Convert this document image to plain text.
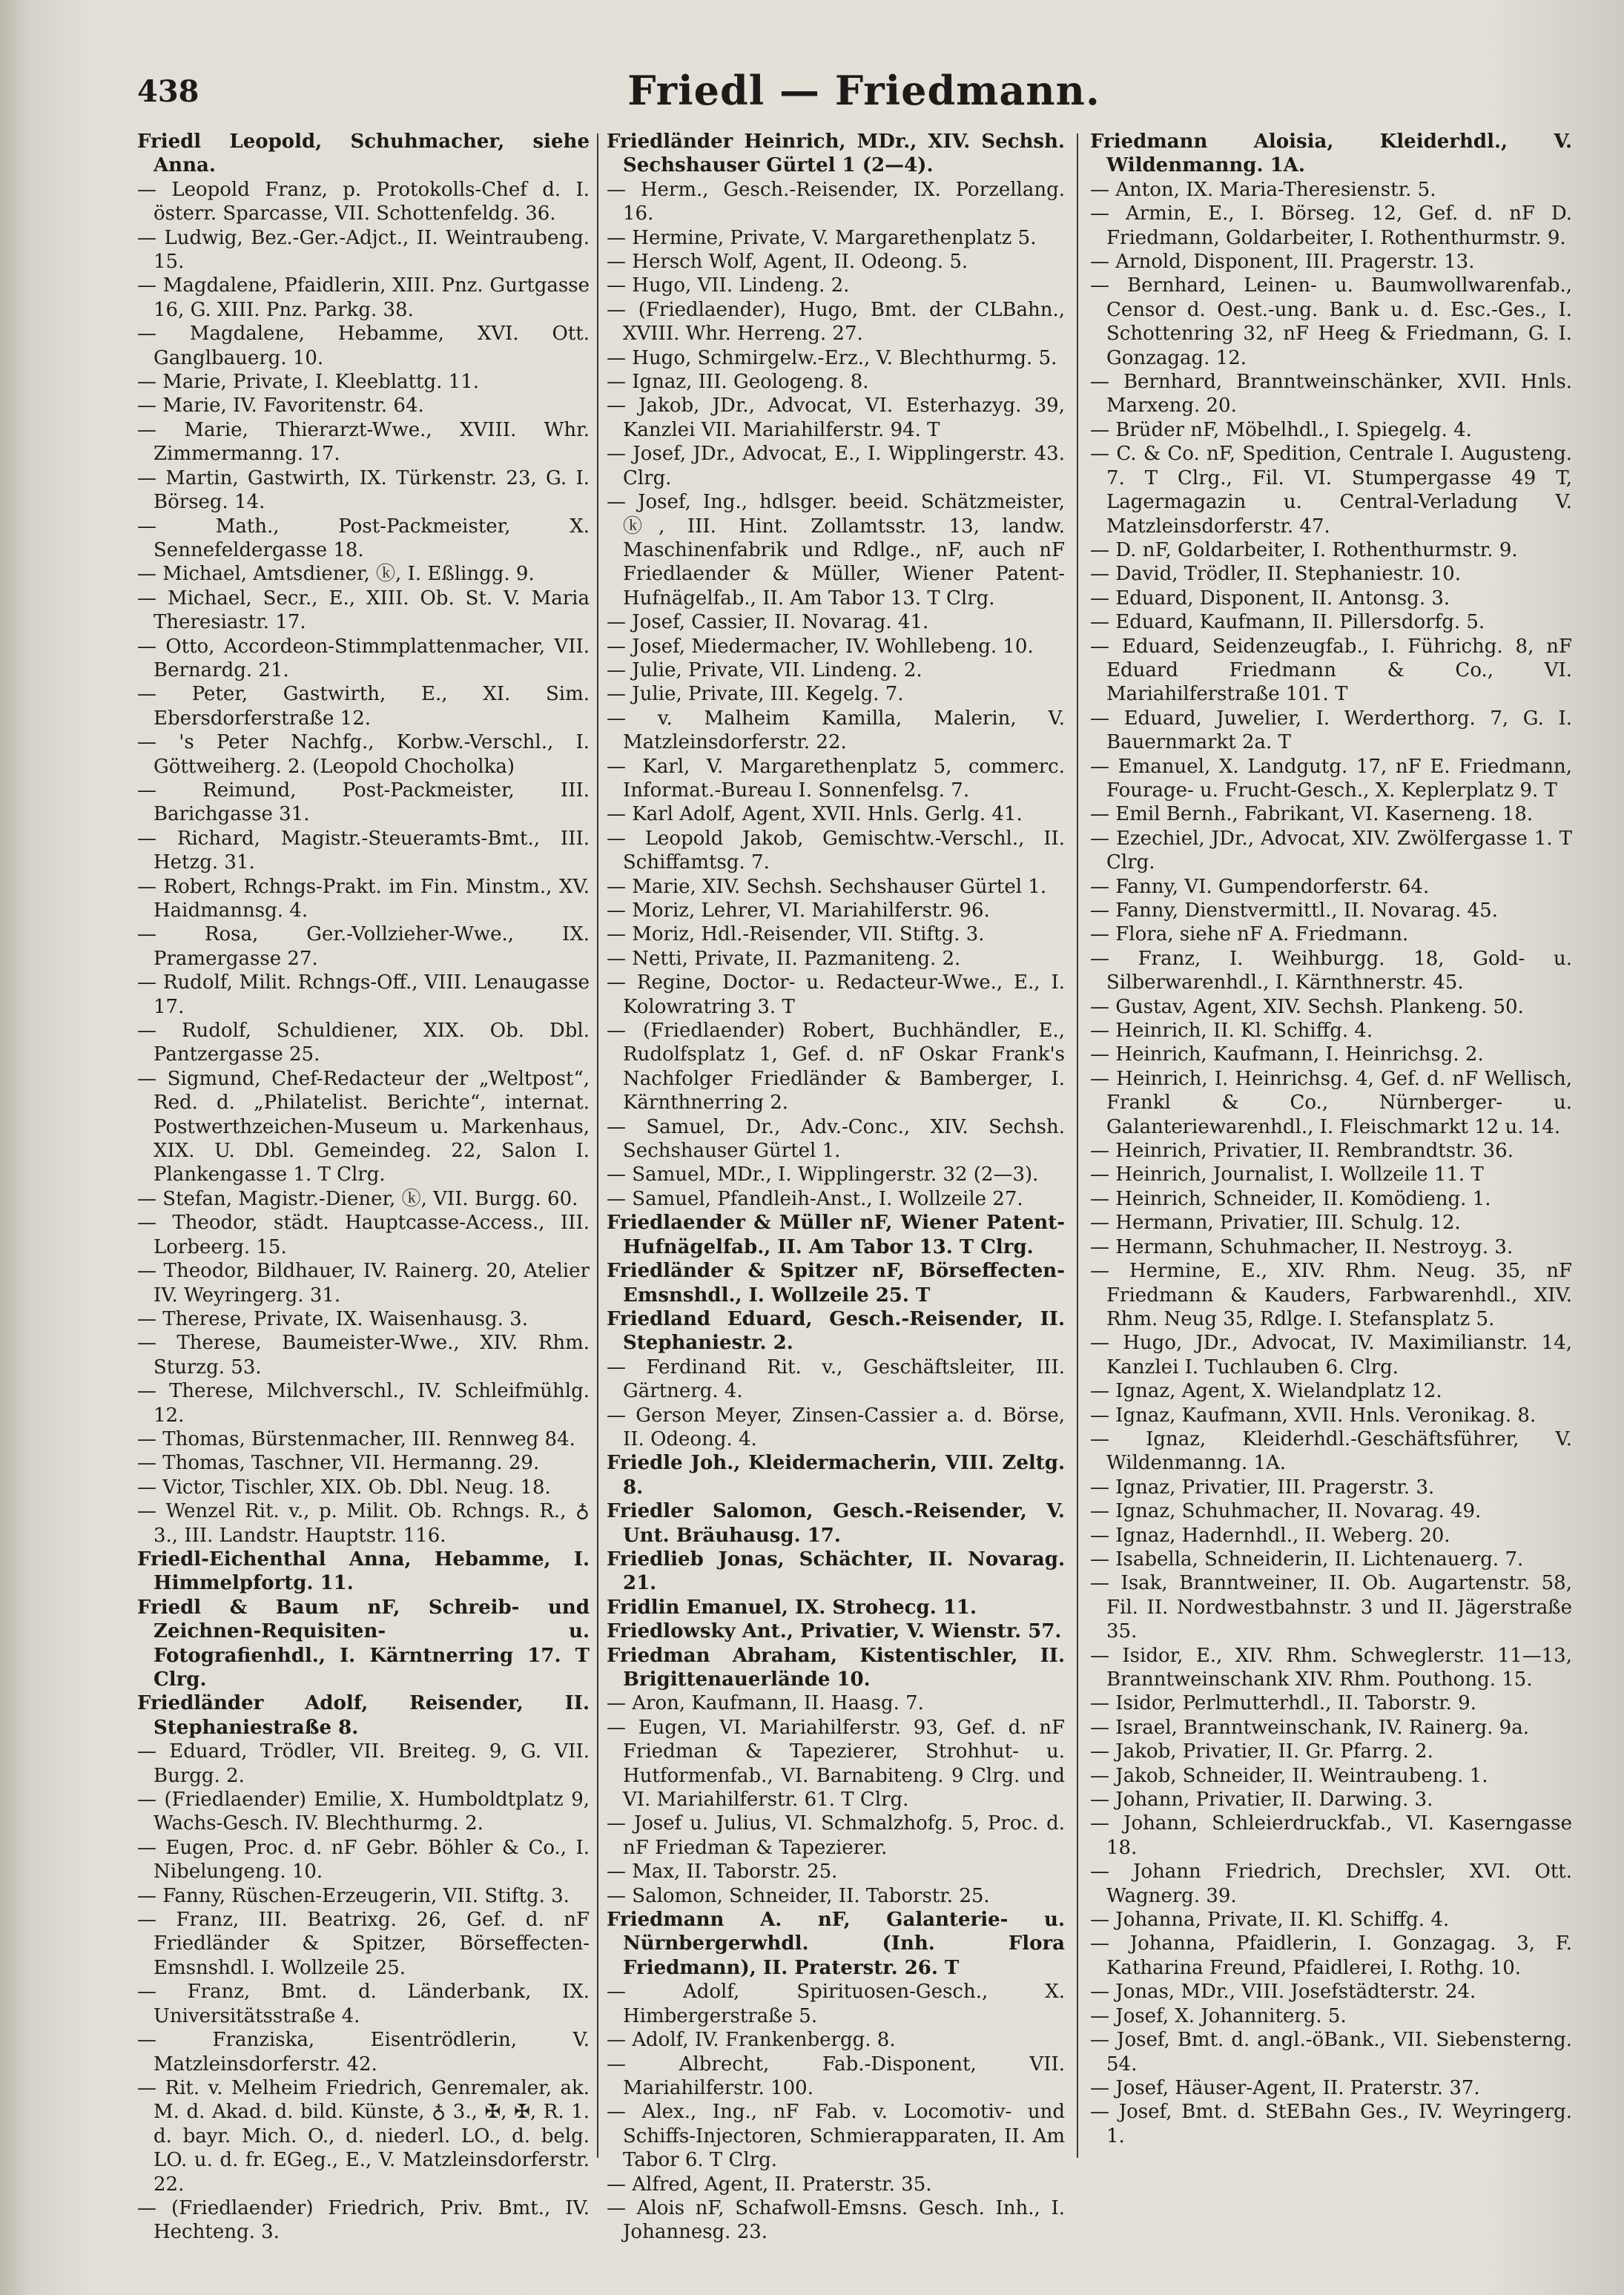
438	Friedl — Friedmann.

Friedl Leopold, Schuhmacher, siehe Anna.

— Leopold Franz, p. Protokolls-Chef d. I. österr. Sparcasse, VII. Schottenfeldg. 36.

— Ludwig, Bez.-Ger.-Adjct., II. Weintraubeng. 15.

— Magdalene, Pfaidlerin, XIII. Pnz. Gurtgasse 16, G. XIII. Pnz. Parkg. 38.

— Magdalene, Hebamme, XVI. Ott. Ganglbauerg. 10.

— Marie, Private, I. Kleeblattg. 11.

— Marie, IV. Favoritenstr. 64.

— Marie, Thierarzt-Wwe., XVIII. Whr. Zimmermanng. 17.

— Martin, Gastwirth, IX. Türkenstr. 23, G. I. Börseg. 14.

— Math., Post-Packmeister, X. Sennefeldergasse 18.

— Michael, Amtsdiener, ⓚ, I. Eßlingg. 9.

— Michael, Secr., E., XIII. Ob. St. V. Maria Theresiastr. 17.

— Otto, Accordeon-Stimmplattenmacher, VII. Bernardg. 21.

— Peter, Gastwirth, E., XI. Sim. Ebersdorferstraße 12.

— 's Peter Nachfg., Korbw.-Verschl., I. Göttweiherg. 2. (Leopold Chocholka)

— Reimund, Post-Packmeister, III. Barichgasse 31.

— Richard, Magistr.-Steueramts-Bmt., III. Hetzg. 31.

— Robert, Rchngs-Prakt. im Fin. Minstm., XV. Haidmannsg. 4.

— Rosa, Ger.-Vollzieher-Wwe., IX. Pramergasse 27.

— Rudolf, Milit. Rchngs-Off., VIII. Lenaugasse 17.

— Rudolf, Schuldiener, XIX. Ob. Dbl. Pantzergasse 25.

— Sigmund, Chef-Redacteur der „Weltpost“, Red. d. „Philatelist. Berichte“, internat. Postwerthzeichen-Museum u. Markenhaus, XIX. U. Dbl. Gemeindeg. 22, Salon I. Plankengasse 1. T Clrg.

— Stefan, Magistr.-Diener, ⓚ, VII. Burgg. 60.

— Theodor, städt. Hauptcasse-Access., III. Lorbeerg. 15.

— Theodor, Bildhauer, IV. Rainerg. 20, Atelier IV. Weyringerg. 31.

— Therese, Private, IX. Waisenhausg. 3.

— Therese, Baumeister-Wwe., XIV. Rhm. Sturzg. 53.

— Therese, Milchverschl., IV. Schleifmühlg. 12.

— Thomas, Bürstenmacher, III. Rennweg 84.

— Thomas, Taschner, VII. Hermanng. 29.

— Victor, Tischler, XIX. Ob. Dbl. Neug. 18.

— Wenzel Rit. v., p. Milit. Ob. Rchngs. R., ♁ 3., III. Landstr. Hauptstr. 116.

Friedl-Eichenthal Anna, Hebamme, I. Himmelpfortg. 11.

Friedl & Baum nF, Schreib- und Zeichnen-Requisiten- u. Fotografienhdl., I. Kärntnerring 17. T Clrg.

Friedländer Adolf, Reisender, II. Stephaniestraße 8.

— Eduard, Trödler, VII. Breiteg. 9, G. VII. Burgg. 2.

— (Friedlaender) Emilie, X. Humboldtplatz 9, Wachs-Gesch. IV. Blechthurmg. 2.

— Eugen, Proc. d. nF Gebr. Böhler & Co., I. Nibelungeng. 10.

— Fanny, Rüschen-Erzeugerin, VII. Stiftg. 3.

— Franz, III. Beatrixg. 26, Gef. d. nF Friedländer & Spitzer, Börseffecten-Emsnshdl. I. Wollzeile 25.

— Franz, Bmt. d. Länderbank, IX. Universitätsstraße 4.

— Franziska, Eisentrödlerin, V. Matzleinsdorferstr. 42.

— Rit. v. Melheim Friedrich, Genremaler, ak. M. d. Akad. d. bild. Künste, ♁ 3., ✠, ✠, R. 1. d. bayr. Mich. O., d. niederl. LO., d. belg. LO. u. d. fr. EGeg., E., V. Matzleinsdorferstr. 22.

— (Friedlaender) Friedrich, Priv. Bmt., IV. Hechteng. 3.

Friedländer Heinrich, MDr., XIV. Sechsh. Sechshauser Gürtel 1 (2—4).

— Herm., Gesch.-Reisender, IX. Porzellang. 16.

— Hermine, Private, V. Margarethenplatz 5.

— Hersch Wolf, Agent, II. Odeong. 5.

— Hugo, VII. Lindeng. 2.

— (Friedlaender), Hugo, Bmt. der CLBahn., XVIII. Whr. Herreng. 27.

— Hugo, Schmirgelw.-Erz., V. Blechthurmg. 5.

— Ignaz, III. Geologeng. 8.

— Jakob, JDr., Advocat, VI. Esterhazyg. 39, Kanzlei VII. Mariahilferstr. 94. T

— Josef, JDr., Advocat, E., I. Wipplingerstr. 43. Clrg.

— Josef, Ing., hdlsger. beeid. Schätzmeister, ⓚ, III. Hint. Zollamtsstr. 13, landw. Maschinenfabrik und Rdlge., nF, auch nF Friedlaender & Müller, Wiener Patent-Hufnägelfab., II. Am Tabor 13. T Clrg.

— Josef, Cassier, II. Novarag. 41.

— Josef, Miedermacher, IV. Wohllebeng. 10.

— Julie, Private, VII. Lindeng. 2.

— Julie, Private, III. Kegelg. 7.

— v. Malheim Kamilla, Malerin, V. Matzleinsdorferstr. 22.

— Karl, V. Margarethenplatz 5, commerc. Informat.-Bureau I. Sonnenfelsg. 7.

— Karl Adolf, Agent, XVII. Hnls. Gerlg. 41.

— Leopold Jakob, Gemischtw.-Verschl., II. Schiffamtsg. 7.

— Marie, XIV. Sechsh. Sechshauser Gürtel 1.

— Moriz, Lehrer, VI. Mariahilferstr. 96.

— Moriz, Hdl.-Reisender, VII. Stiftg. 3.

— Netti, Private, II. Pazmaniteng. 2.

— Regine, Doctor- u. Redacteur-Wwe., E., I. Kolowratring 3. T

— (Friedlaender) Robert, Buchhändler, E., Rudolfsplatz 1, Gef. d. nF Oskar Frank's Nachfolger Friedländer & Bamberger, I. Kärnthnerring 2.

— Samuel, Dr., Adv.-Conc., XIV. Sechsh. Sechshauser Gürtel 1.

— Samuel, MDr., I. Wipplingerstr. 32 (2—3).

— Samuel, Pfandleih-Anst., I. Wollzeile 27.

Friedlaender & Müller nF, Wiener Patent-Hufnägelfab., II. Am Tabor 13. T Clrg.

Friedländer & Spitzer nF, Börseffecten-Emsnshdl., I. Wollzeile 25. T

Friedland Eduard, Gesch.-Reisender, II. Stephaniestr. 2.

— Ferdinand Rit. v., Geschäftsleiter, III. Gärtnerg. 4.

— Gerson Meyer, Zinsen-Cassier a. d. Börse, II. Odeong. 4.

Friedle Joh., Kleidermacherin, VIII. Zeltg. 8.

Friedler Salomon, Gesch.-Reisender, V. Unt. Bräuhausg. 17.

Friedlieb Jonas, Schächter, II. Novarag. 21.

Fridlin Emanuel, IX. Strohecg. 11.

Friedlowsky Ant., Privatier, V. Wienstr. 57.

Friedman Abraham, Kistentischler, II. Brigittenauerlände 10.

— Aron, Kaufmann, II. Haasg. 7.

— Eugen, VI. Mariahilferstr. 93, Gef. d. nF Friedman & Tapezierer, Strohhut- u. Hutformenfab., VI. Barnabiteng. 9 Clrg. und VI. Mariahilferstr. 61. T Clrg.

— Josef u. Julius, VI. Schmalzhofg. 5, Proc. d. nF Friedman & Tapezierer.

— Max, II. Taborstr. 25.

— Salomon, Schneider, II. Taborstr. 25.

Friedmann A. nF, Galanterie- u. Nürnbergerwhdl. (Inh. Flora Friedmann), II. Praterstr. 26. T

— Adolf, Spirituosen-Gesch., X. Himbergerstraße 5.

— Adolf, IV. Frankenbergg. 8.

— Albrecht, Fab.-Disponent, VII. Mariahilferstr. 100.

— Alex., Ing., nF Fab. v. Locomotiv- und Schiffs-Injectoren, Schmierapparaten, II. Am Tabor 6. T Clrg.

— Alfred, Agent, II. Praterstr. 35.

— Alois nF, Schafwoll-Emsns. Gesch. Inh., I. Johannesg. 23.

Friedmann Aloisia, Kleiderhdl., V. Wildenmanng. 1A.

— Anton, IX. Maria-Theresienstr. 5.

— Armin, E., I. Börseg. 12, Gef. d. nF D. Friedmann, Goldarbeiter, I. Rothenthurmstr. 9.

— Arnold, Disponent, III. Pragerstr. 13.

— Bernhard, Leinen- u. Baumwollwarenfab., Censor d. Oest.-ung. Bank u. d. Esc.-Ges., I. Schottenring 32, nF Heeg & Friedmann, G. I. Gonzagag. 12.

— Bernhard, Branntweinschänker, XVII. Hnls. Marxeng. 20.

— Brüder nF, Möbelhdl., I. Spiegelg. 4.

— C. & Co. nF, Spedition, Centrale I. Augusteng. 7. T Clrg., Fil. VI. Stumpergasse 49 T, Lagermagazin u. Central-Verladung V. Matzleinsdorferstr. 47.

— D. nF, Goldarbeiter, I. Rothenthurmstr. 9.

— David, Trödler, II. Stephaniestr. 10.

— Eduard, Disponent, II. Antonsg. 3.

— Eduard, Kaufmann, II. Pillersdorfg. 5.

— Eduard, Seidenzeugfab., I. Führichg. 8, nF Eduard Friedmann & Co., VI. Mariahilferstraße 101. T

— Eduard, Juwelier, I. Werderthorg. 7, G. I. Bauernmarkt 2a. T

— Emanuel, X. Landgutg. 17, nF E. Friedmann, Fourage- u. Frucht-Gesch., X. Keplerplatz 9. T

— Emil Bernh., Fabrikant, VI. Kaserneng. 18.

— Ezechiel, JDr., Advocat, XIV. Zwölfergasse 1. T Clrg.

— Fanny, VI. Gumpendorferstr. 64.

— Fanny, Dienstvermittl., II. Novarag. 45.

— Flora, siehe nF A. Friedmann.

— Franz, I. Weihburgg. 18, Gold- u. Silberwarenhdl., I. Kärnthnerstr. 45.

— Gustav, Agent, XIV. Sechsh. Plankeng. 50.

— Heinrich, II. Kl. Schiffg. 4.

— Heinrich, Kaufmann, I. Heinrichsg. 2.

— Heinrich, I. Heinrichsg. 4, Gef. d. nF Wellisch, Frankl & Co., Nürnberger- u. Galanteriewarenhdl., I. Fleischmarkt 12 u. 14.

— Heinrich, Privatier, II. Rembrandtstr. 36.

— Heinrich, Journalist, I. Wollzeile 11. T

— Heinrich, Schneider, II. Komödieng. 1.

— Hermann, Privatier, III. Schulg. 12.

— Hermann, Schuhmacher, II. Nestroyg. 3.

— Hermine, E., XIV. Rhm. Neug. 35, nF Friedmann & Kauders, Farbwarenhdl., XIV. Rhm. Neug 35, Rdlge. I. Stefansplatz 5.

— Hugo, JDr., Advocat, IV. Maximilianstr. 14, Kanzlei I. Tuchlauben 6. Clrg.

— Ignaz, Agent, X. Wielandplatz 12.

— Ignaz, Kaufmann, XVII. Hnls. Veronikag. 8.

— Ignaz, Kleiderhdl.-Geschäftsführer, V. Wildenmanng. 1A.

— Ignaz, Privatier, III. Pragerstr. 3.

— Ignaz, Schuhmacher, II. Novarag. 49.

— Ignaz, Hadernhdl., II. Weberg. 20.

— Isabella, Schneiderin, II. Lichtenauerg. 7.

— Isak, Branntweiner, II. Ob. Augartenstr. 58, Fil. II. Nordwestbahnstr. 3 und II. Jägerstraße 35.

— Isidor, E., XIV. Rhm. Schweglerstr. 11—13, Branntweinschank XIV. Rhm. Pouthong. 15.

— Isidor, Perlmutterhdl., II. Taborstr. 9.

— Israel, Branntweinschank, IV. Rainerg. 9a.

— Jakob, Privatier, II. Gr. Pfarrg. 2.

— Jakob, Schneider, II. Weintraubeng. 1.

— Johann, Privatier, II. Darwing. 3.

— Johann, Schleierdruckfab., VI. Kaserngasse 18.

— Johann Friedrich, Drechsler, XVI. Ott. Wagnerg. 39.

— Johanna, Private, II. Kl. Schiffg. 4.

— Johanna, Pfaidlerin, I. Gonzagag. 3, F. Katharina Freund, Pfaidlerei, I. Rothg. 10.

— Jonas, MDr., VIII. Josefstädterstr. 24.

— Josef, X. Johanniterg. 5.

— Josef, Bmt. d. angl.-öBank., VII. Siebensterng. 54.

— Josef, Häuser-Agent, II. Praterstr. 37.

— Josef, Bmt. d. StEBahn Ges., IV. Weyringerg. 1.
